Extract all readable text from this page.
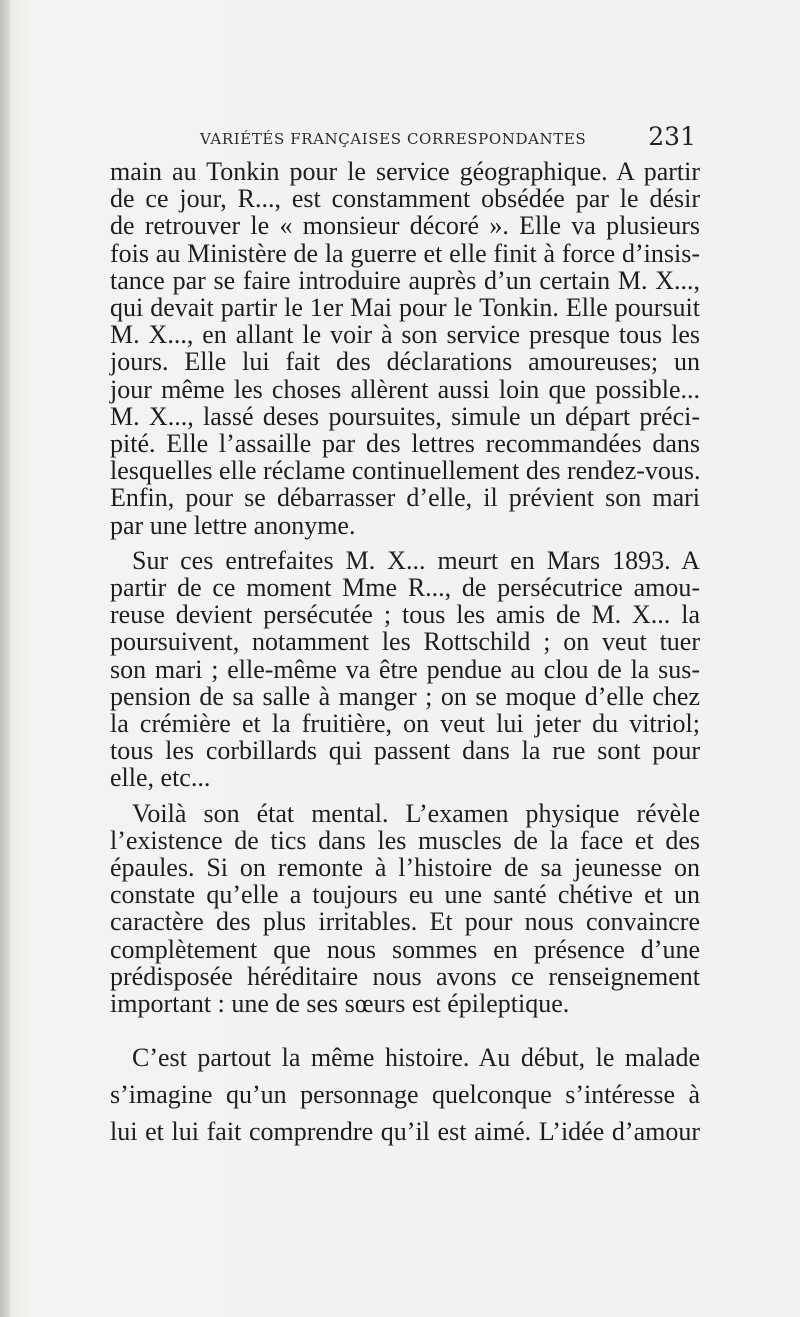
VARIÉTÉS FRANÇAISES CORRESPONDANTES 231

main au Tonkin pour le service géographique. A partir
de ce jour, R..., est constamment obsédée par le désir
de retrouver le « monsieur décoré ». Elle va plusieurs
fois au Ministère de la guerre et elle finit à force d’insis-
tance par se faire introduire auprès d’un certain M. X...,
qui devait partir le 1er Mai pour le Tonkin. Elle poursuit
M. X..., en allant le voir à son service presque tous les
jours. Elle lui fait des déclarations amoureuses; un
jour même les choses allèrent aussi loin que possible...
M. X..., lassé deses poursuites, simule un départ préci-
pité. Elle l’assaille par des lettres recommandées dans
lesquelles elle réclame continuellement des rendez-vous.
Enfin, pour se débarrasser d’elle, il prévient son mari
par une lettre anonyme.

Sur ces entrefaites M. X... meurt en Mars 1893. A
partir de ce moment Mme R..., de persécutrice amou-
reuse devient persécutée ; tous les amis de M. X... la
poursuivent, notamment les Rottschild ; on veut tuer
son mari ; elle-même va être pendue au clou de la sus-
pension de sa salle à manger ; on se moque d’elle chez
la crémière et la fruitière, on veut lui jeter du vitriol;
tous les corbillards qui passent dans la rue sont pour
elle, etc...

Voilà son état mental. L’examen physique révèle
l’existence de tics dans les muscles de la face et des
épaules. Si on remonte à l’histoire de sa jeunesse on
constate qu’elle a toujours eu une santé chétive et un
caractère des plus irritables. Et pour nous convaincre
complètement que nous sommes en présence d’une
prédisposée héréditaire nous avons ce renseignement
important : une de ses sœurs est épileptique.

C’est partout la même histoire. Au début, le malade
s’imagine qu’un personnage quelconque s’intéresse à
lui et lui fait comprendre qu’il est aimé. L’idée d’amour
